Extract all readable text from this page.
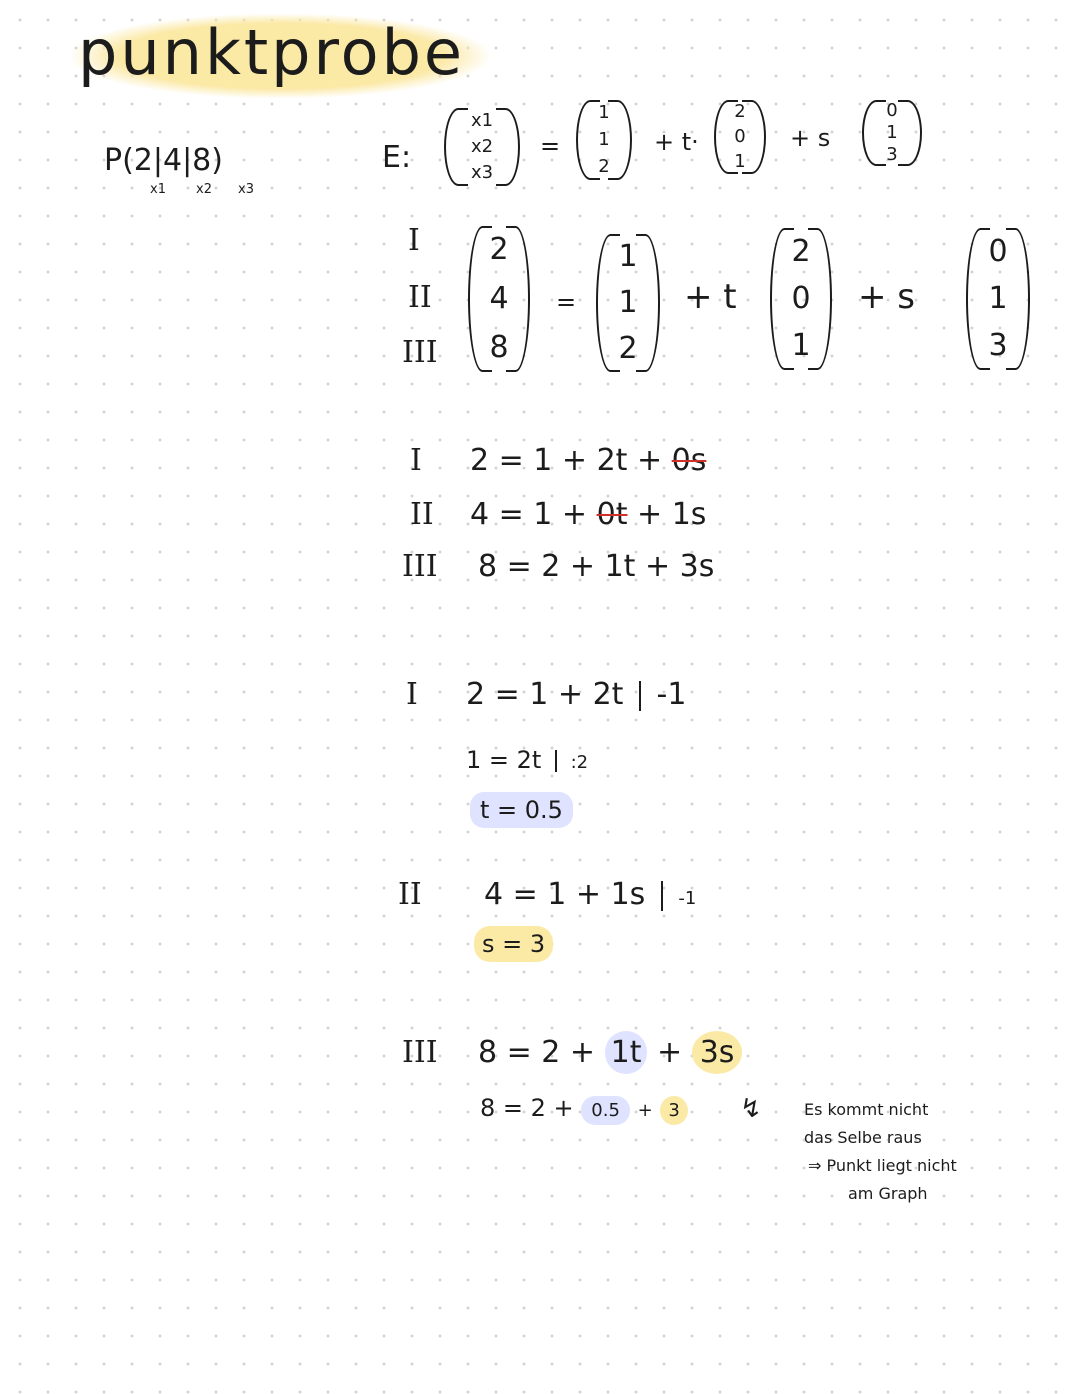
punktprobe
P(2|4|8)
x1 x2 x3
E:
x1
x2
x3
=
1
1
2
+ t·
2
0
1
+ s
0
1
3
I
II
III
2
4
8
=
1
1
2
+ t
2
0
1
+ s
0
1
3
I 2 = 1 + 2t + 0s
II 4 = 1 + 0t + 1s
III 8 = 2 + 1t + 3s
I 2 = 1 + 2t -1
1 = 2t :2
t = 0.5
II 4 = 1 + 1s -1
s = 3
III 8 = 2 + 1t + 3s
8 = 2 + 0.5 + 3	↯	Es kommt nicht
das Selbe raus
⇒ Punkt liegt nicht
am Graph
